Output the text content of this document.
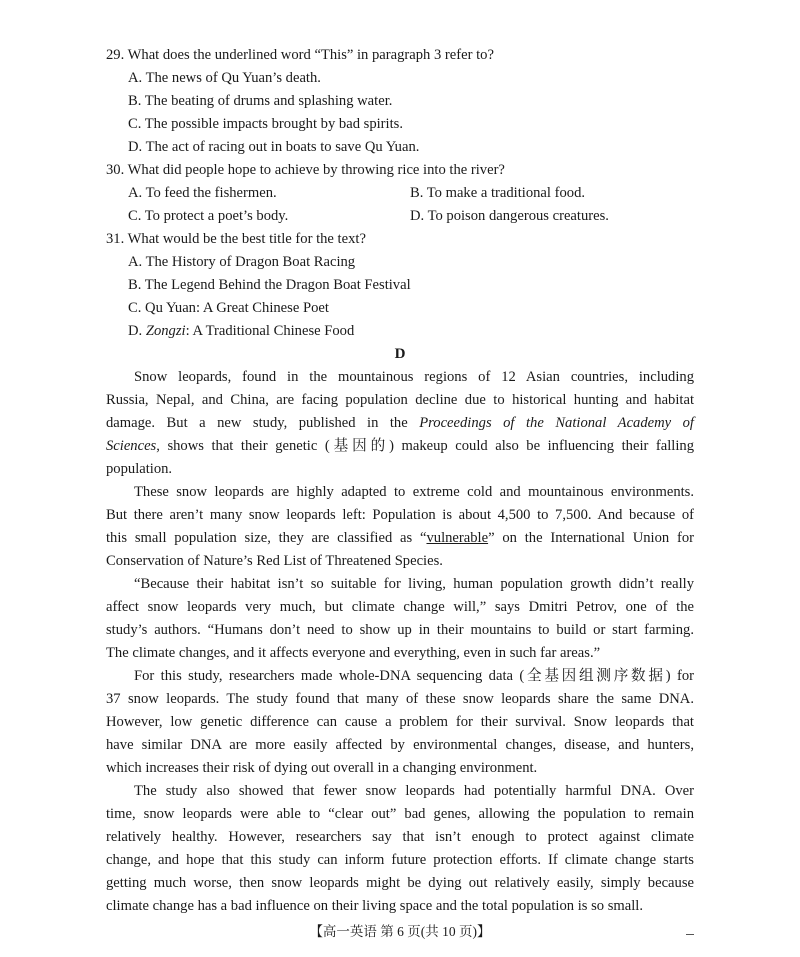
29. What does the underlined word “This” in paragraph 3 refer to?
A. The news of Qu Yuan’s death.
B. The beating of drums and splashing water.
C. The possible impacts brought by bad spirits.
D. The act of racing out in boats to save Qu Yuan.
30. What did people hope to achieve by throwing rice into the river?
A. To feed the fishermen.	B. To make a traditional food.
C. To protect a poet’s body.	D. To poison dangerous creatures.
31. What would be the best title for the text?
A. The History of Dragon Boat Racing
B. The Legend Behind the Dragon Boat Festival
C. Qu Yuan: A Great Chinese Poet
D. Zongzi: A Traditional Chinese Food
D
Snow leopards, found in the mountainous regions of 12 Asian countries, including
Russia, Nepal, and China, are facing population decline due to historical hunting and habitat
damage. But a new study, published in the Proceedings of the National Academy of
Sciences, shows that their genetic (基因的) makeup could also be influencing their falling
population.
These snow leopards are highly adapted to extreme cold and mountainous environments.
But there aren’t many snow leopards left: Population is about 4,500 to 7,500. And because of
this small population size, they are classified as “vulnerable” on the International Union for
Conservation of Nature’s Red List of Threatened Species.
“Because their habitat isn’t so suitable for living, human population growth didn’t really
affect snow leopards very much, but climate change will,” says Dmitri Petrov, one of the
study’s authors. “Humans don’t need to show up in their mountains to build or start farming.
The climate changes, and it affects everyone and everything, even in such far areas.”
For this study, researchers made whole-DNA sequencing data (全基因组测序数据) for
37 snow leopards. The study found that many of these snow leopards share the same DNA.
However, low genetic difference can cause a problem for their survival. Snow leopards that
have similar DNA are more easily affected by environmental changes, disease, and hunters,
which increases their risk of dying out overall in a changing environment.
The study also showed that fewer snow leopards had potentially harmful DNA. Over
time, snow leopards were able to “clear out” bad genes, allowing the population to remain
relatively healthy. However, researchers say that isn’t enough to protect against climate
change, and hope that this study can inform future protection efforts. If climate change starts
getting much worse, then snow leopards might be dying out relatively easily, simply because
climate change has a bad influence on their living space and the total population is so small.
【高一英语 第 6 页(共 10 页)】
